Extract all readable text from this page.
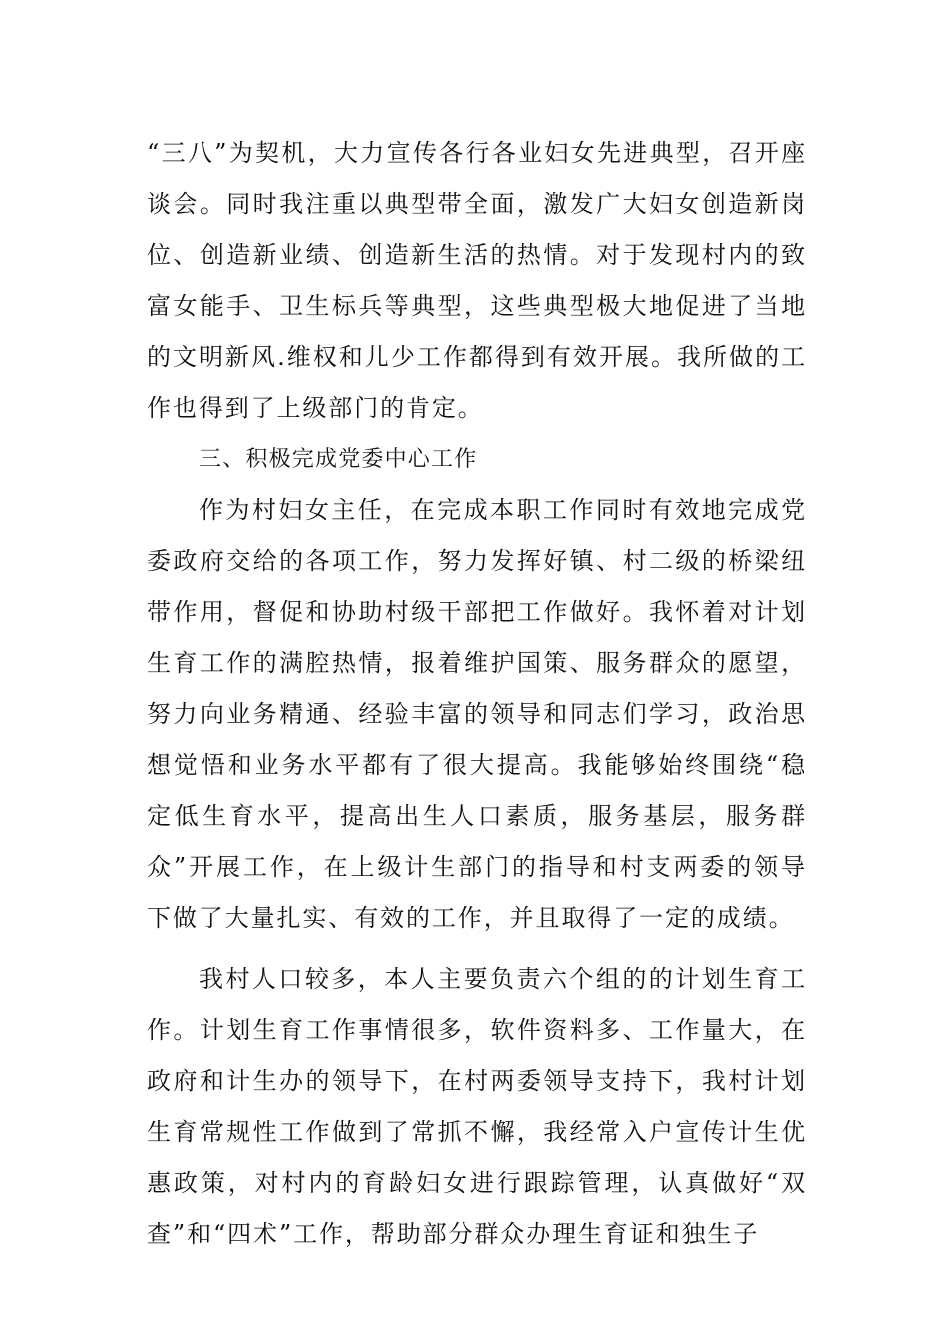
“三八”为契机，大力宣传各行各业妇女先进典型，召开座谈会。同时我注重以典型带全面，激发广大妇女创造新岗位、创造新业绩、创造新生活的热情。对于发现村内的致富女能手、卫生标兵等典型，这些典型极大地促进了当地的文明新风.维权和儿少工作都得到有效开展。我所做的工作也得到了上级部门的肯定。

三、积极完成党委中心工作

作为村妇女主任，在完成本职工作同时有效地完成党委政府交给的各项工作，努力发挥好镇、村二级的桥梁纽带作用，督促和协助村级干部把工作做好。我怀着对计划生育工作的满腔热情，报着维护国策、服务群众的愿望，努力向业务精通、经验丰富的领导和同志们学习，政治思想觉悟和业务水平都有了很大提高。我能够始终围绕“稳定低生育水平，提高出生人口素质，服务基层，服务群众”开展工作，在上级计生部门的指导和村支两委的领导下做了大量扎实、有效的工作，并且取得了一定的成绩。

我村人口较多，本人主要负责六个组的的计划生育工作。计划生育工作事情很多，软件资料多、工作量大，在政府和计生办的领导下，在村两委领导支持下，我村计划生育常规性工作做到了常抓不懈，我经常入户宣传计生优惠政策，对村内的育龄妇女进行跟踪管理，认真做好“双查”和“四术”工作，帮助部分群众办理生育证和独生子
